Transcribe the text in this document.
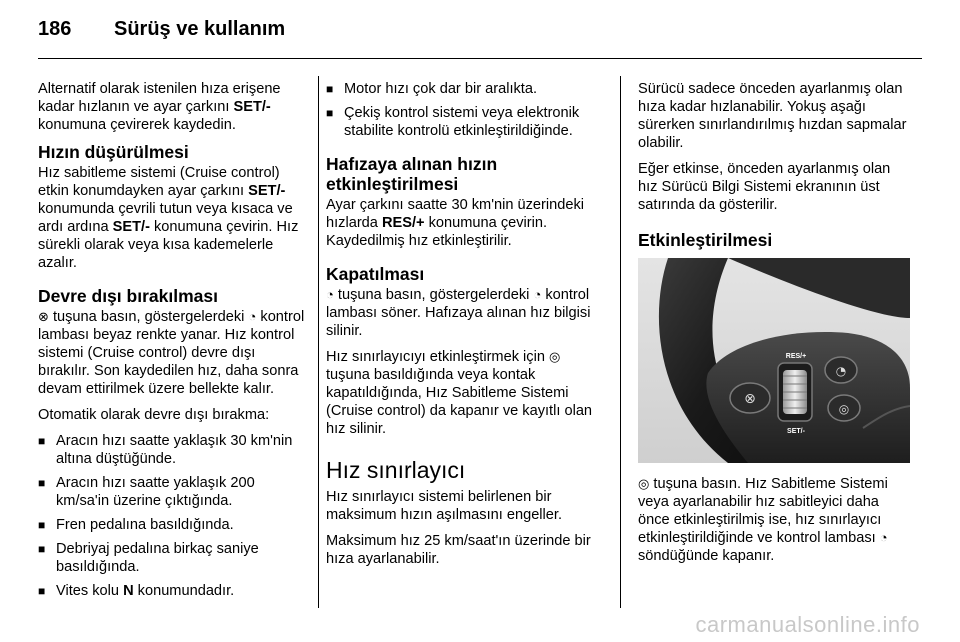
186	Sürüş ve kullanım

Alternatif olarak istenilen hıza erişene kadar hızlanın ve ayar çarkını SET/- konumuna çevirerek kaydedin.

Hızın düşürülmesi

Hız sabitleme sistemi (Cruise control) etkin konumdayken ayar çarkını SET/- konumunda çevrili tutun veya kısaca ve ardı ardına SET/- konumuna çevirin. Hız sürekli olarak veya kısa kademelerle azalır.

Devre dışı bırakılması

⊗ tuşuna basın, göstergelerdeki ◔ kontrol lambası beyaz renkte yanar. Hız kontrol sistemi (Cruise control) devre dışı bırakılır. Son kaydedilen hız, daha sonra devam ettirilmek üzere bellekte kalır.

Otomatik olarak devre dışı bırakma:

■ Aracın hızı saatte yaklaşık 30 km'nin altına düştüğünde.
■ Aracın hızı saatte yaklaşık 200 km/sa'in üzerine çıktığında.
■ Fren pedalına basıldığında.
■ Debriyaj pedalına birkaç saniye basıldığında.
■ Vites kolu N konumundadır.
■ Motor hızı çok dar bir aralıkta.
■ Çekiş kontrol sistemi veya elektronik stabilite kontrolü etkinleştirildiğinde.
Hafızaya alınan hızın etkinleştirilmesi

Ayar çarkını saatte 30 km'nin üzerindeki hızlarda RES/+ konumuna çevirin. Kaydedilmiş hız etkinleştirilir.

Kapatılması

◔ tuşuna basın, göstergelerdeki ◔ kontrol lambası söner. Hafızaya alınan hız bilgisi silinir.

Hız sınırlayıcıyı etkinleştirmek için ◎ tuşuna basıldığında veya kontak kapatıldığında, Hız Sabitleme Sistemi (Cruise control) da kapanır ve kayıtlı olan hız silinir.

Hız sınırlayıcı

Hız sınırlayıcı sistemi belirlenen bir maksimum hızın aşılmasını engeller.

Maksimum hız 25 km/saat'ın üzerinde bir hıza ayarlanabilir.

Sürücü sadece önceden ayarlanmış olan hıza kadar hızlanabilir. Yokuş aşağı sürerken sınırlandırılmış hızdan sapmalar olabilir.

Eğer etkinse, önceden ayarlanmış olan hız Sürücü Bilgi Sistemi ekranının üst satırında da gösterilir.

Etkinleştirilmesi
⊗
RES/+
SET/-
◔
◎

◎ tuşuna basın. Hız Sabitleme Sistemi veya ayarlanabilir hız sabitleyici daha önce etkinleştirilmiş ise, hız sınırlayıcı etkinleştirildiğinde ve kontrol lambası ◔ söndüğünde kapanır.

carmanualsonline.info
